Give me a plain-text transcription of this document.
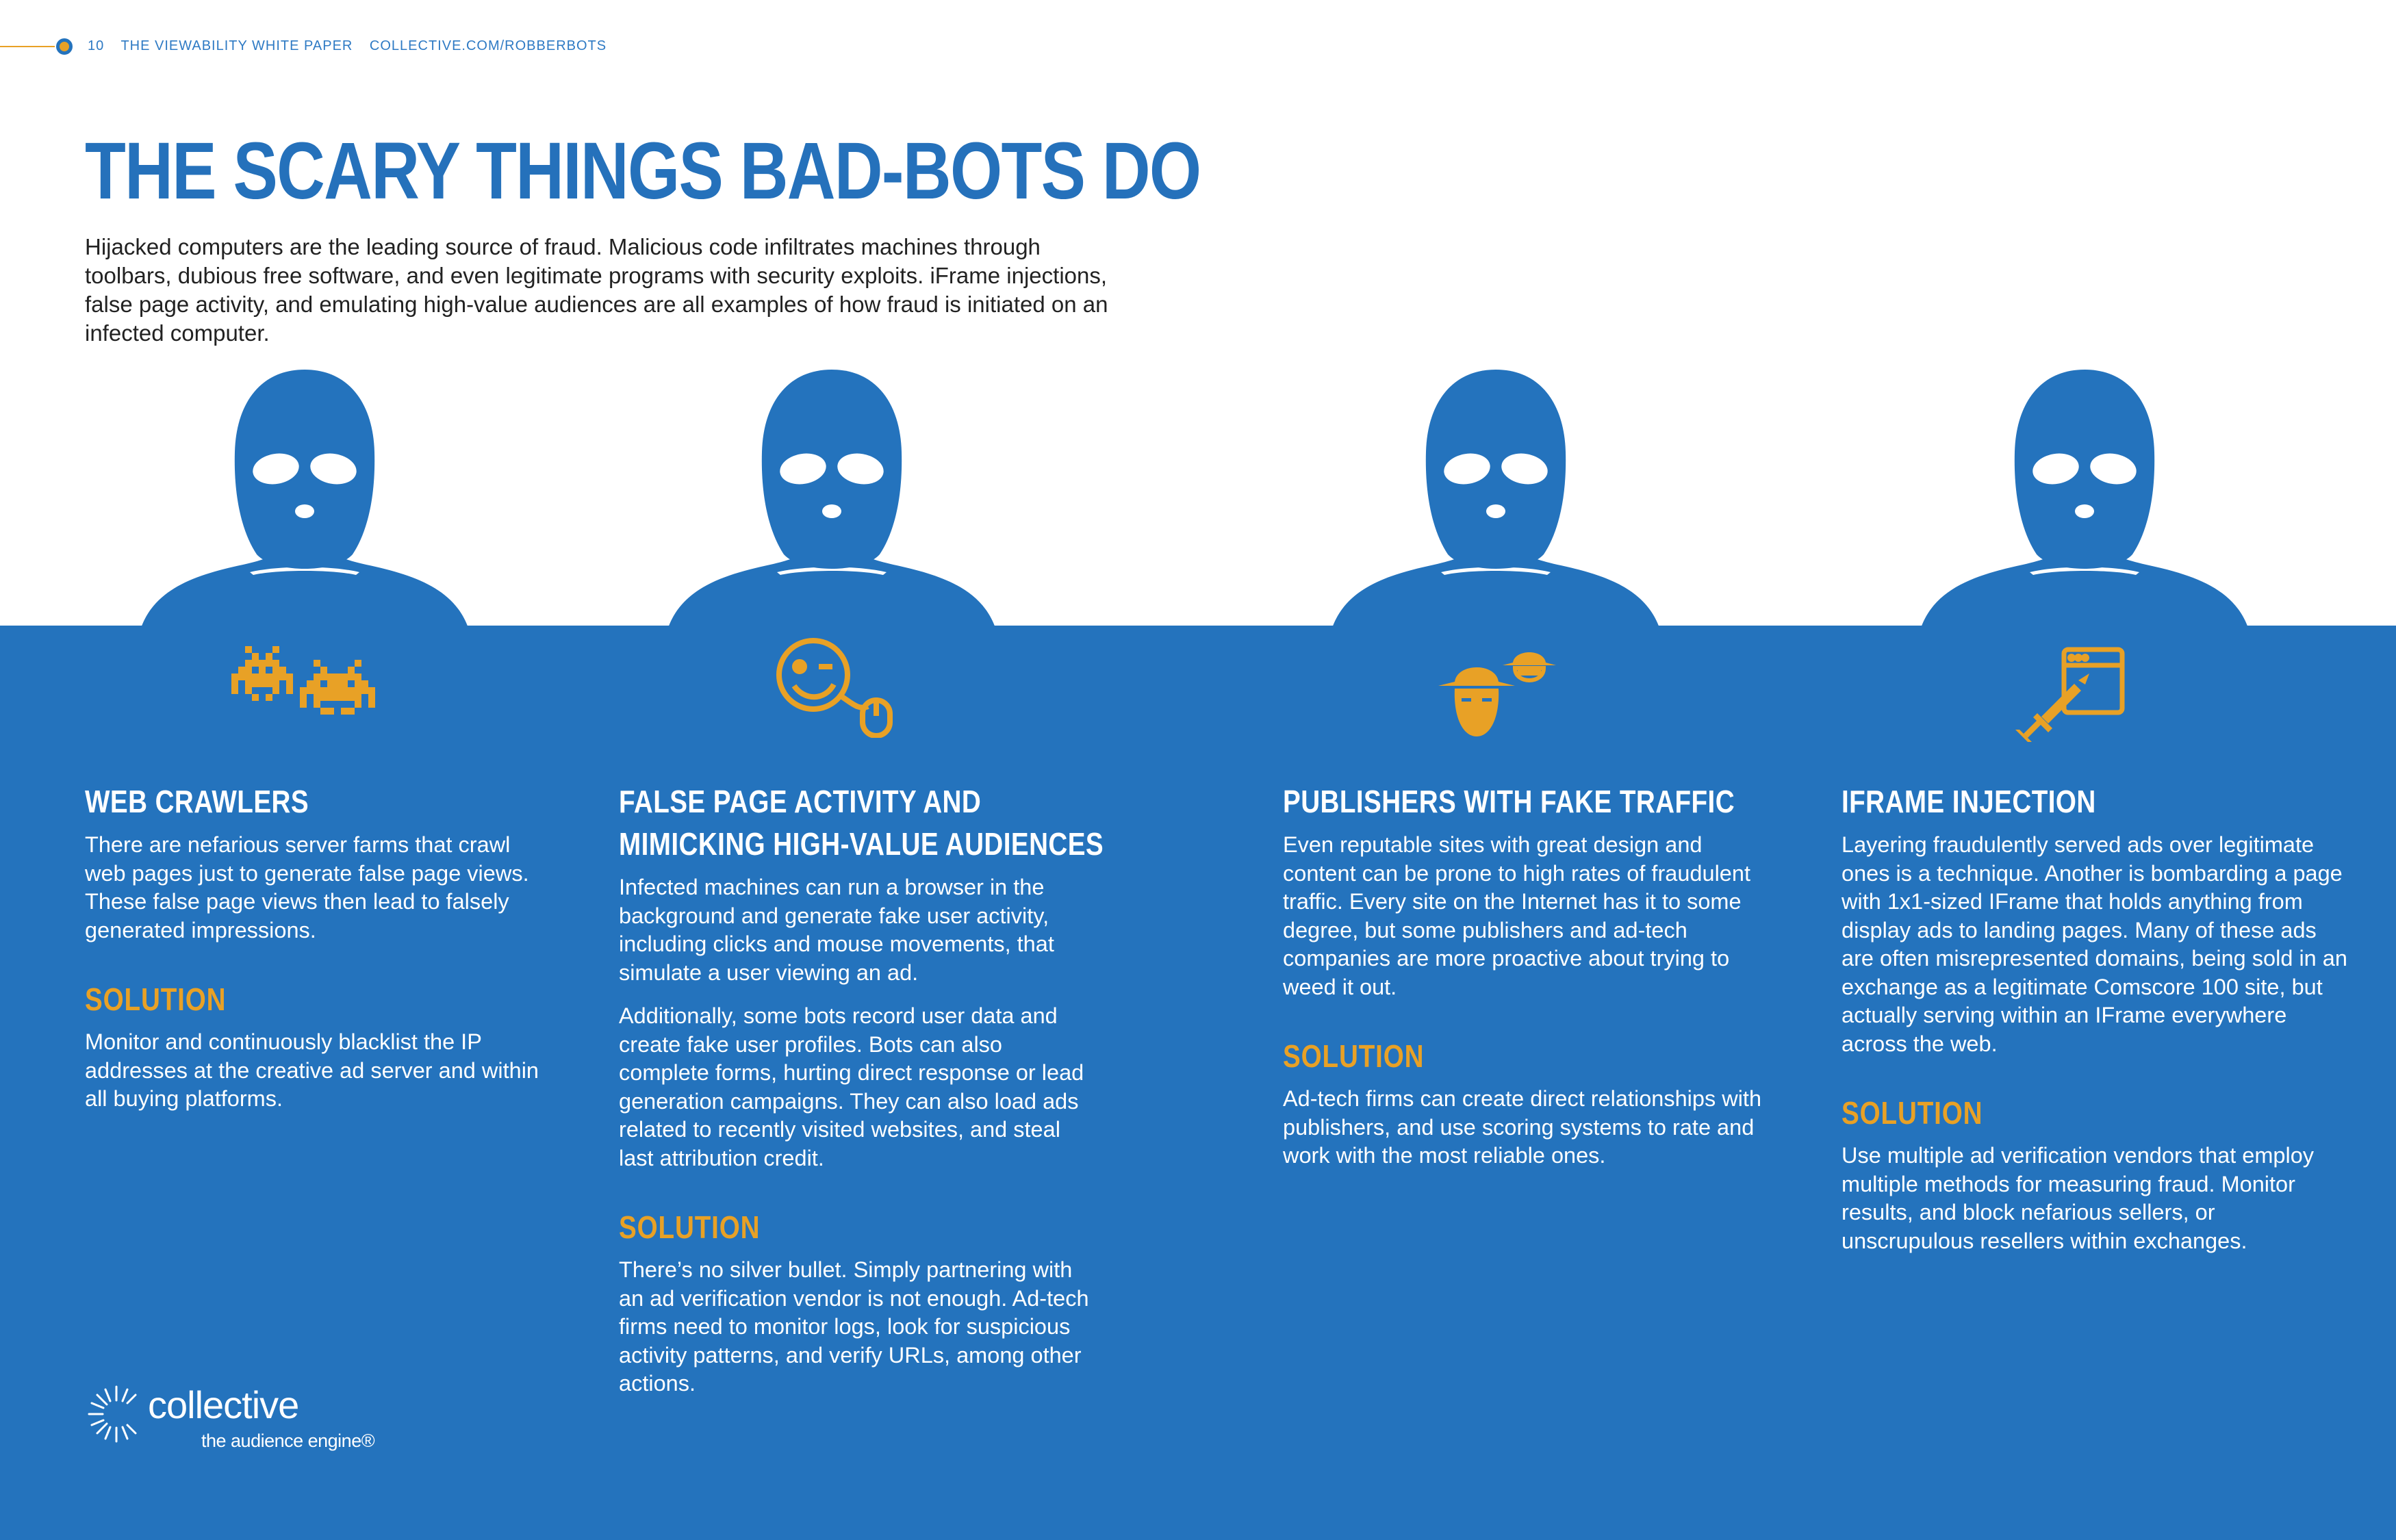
10 THE VIEWABILITY WHITE PAPER COLLECTIVE.COM/ROBBERBOTS
THE SCARY THINGS BAD-BOTS DO
Hijacked computers are the leading source of fraud. Malicious code infiltrates machines through toolbars, dubious free software, and even legitimate programs with security exploits. iFrame injections, false page activity, and emulating high-value audiences are all examples of how fraud is initiated on an infected computer.
WEB CRAWLERS

There are nefarious server farms that crawl web pages just to generate false page views. These false page views then lead to falsely generated impressions.

SOLUTION

Monitor and continuously blacklist the IP addresses at the creative ad server and within all buying platforms.

FALSE PAGE ACTIVITY AND
MIMICKING HIGH-VALUE AUDIENCES

Infected machines can run a browser in the background and generate fake user activity, including clicks and mouse movements, that simulate a user viewing an ad.

Additionally, some bots record user data and create fake user profiles. Bots can also complete forms, hurting direct response or lead generation campaigns. They can also load ads related to recently visited websites, and steal last attribution credit.

SOLUTION

There’s no silver bullet. Simply partnering with an ad verification vendor is not enough. Ad-tech firms need to monitor logs, look for suspicious activity patterns, and verify URLs, among other actions.

PUBLISHERS WITH FAKE TRAFFIC

Even reputable sites with great design and content can be prone to high rates of fraudulent traffic. Every site on the Internet has it to some degree, but some publishers and ad-tech companies are more proactive about trying to weed it out.

SOLUTION

Ad-tech firms can create direct relationships with publishers, and use scoring systems to rate and work with the most reliable ones.

IFRAME INJECTION

Layering fraudulently served ads over legitimate ones is a technique. Another is bombarding a page with 1x1-sized IFrame that holds anything from display ads to landing pages. Many of these ads are often misrepresented domains, being sold in an exchange as a legitimate Comscore 100 site, but actually serving within an IFrame everywhere across the web.

SOLUTION

Use multiple ad verification vendors that employ multiple methods for measuring fraud. Monitor results, and block nefarious sellers, or unscrupulous resellers within exchanges.

collective
the audience engine®
